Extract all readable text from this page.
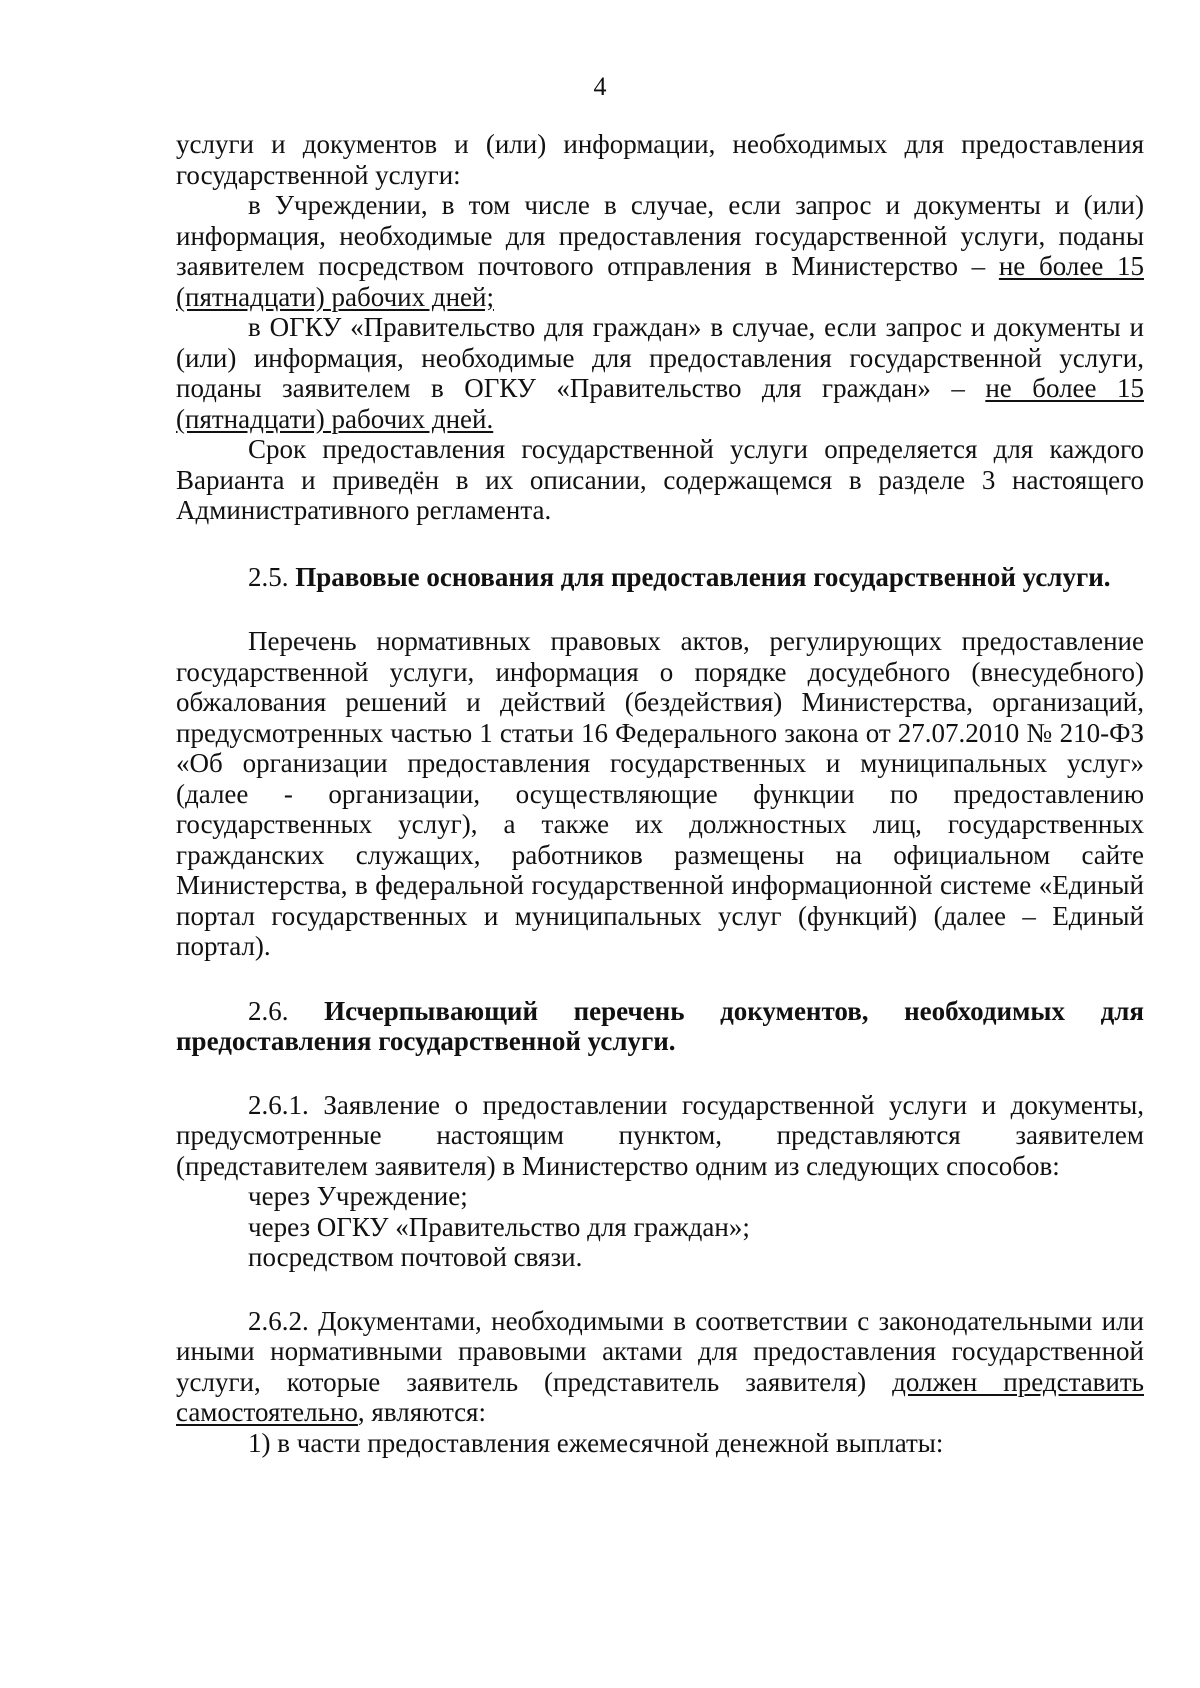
4

услуги и документов и (или) информации, необходимых для предоставления государственной услуги:

в Учреждении, в том числе в случае, если запрос и документы и (или) информация, необходимые для предоставления государственной услуги, поданы заявителем посредством почтового отправления в Министерство – не более 15 (пятнадцати) рабочих дней;

в ОГКУ «Правительство для граждан» в случае, если запрос и документы и (или) информация, необходимые для предоставления государственной услуги, поданы заявителем в ОГКУ «Правительство для граждан» – не более 15 (пятнадцати) рабочих дней.

Срок предоставления государственной услуги определяется для каждого Варианта и приведён в их описании, содержащемся в разделе 3 настоящего Административного регламента.

2.5. Правовые основания для предоставления государственной услуги.

Перечень нормативных правовых актов, регулирующих предоставление государственной услуги, информация о порядке досудебного (внесудебного) обжалования решений и действий (бездействия) Министерства, организаций, предусмотренных частью 1 статьи 16 Федерального закона от 27.07.2010 № 210-ФЗ «Об организации предоставления государственных и муниципальных услуг» (далее - организации, осуществляющие функции по предоставлению государственных услуг), а также их должностных лиц, государственных гражданских служащих, работников размещены на официальном сайте Министерства, в федеральной государственной информационной системе «Единый портал государственных и муниципальных услуг (функций) (далее – Единый портал).

2.6. Исчерпывающий перечень документов, необходимых для предоставления государственной услуги.

2.6.1. Заявление о предоставлении государственной услуги и документы, предусмотренные настоящим пунктом, представляются заявителем (представителем заявителя) в Министерство одним из следующих способов:

через Учреждение;

через ОГКУ «Правительство для граждан»;

посредством почтовой связи.

2.6.2. Документами, необходимыми в соответствии с законодательными или иными нормативными правовыми актами для предоставления государственной услуги, которые заявитель (представитель заявителя) должен представить самостоятельно, являются:

1) в части предоставления ежемесячной денежной выплаты:
